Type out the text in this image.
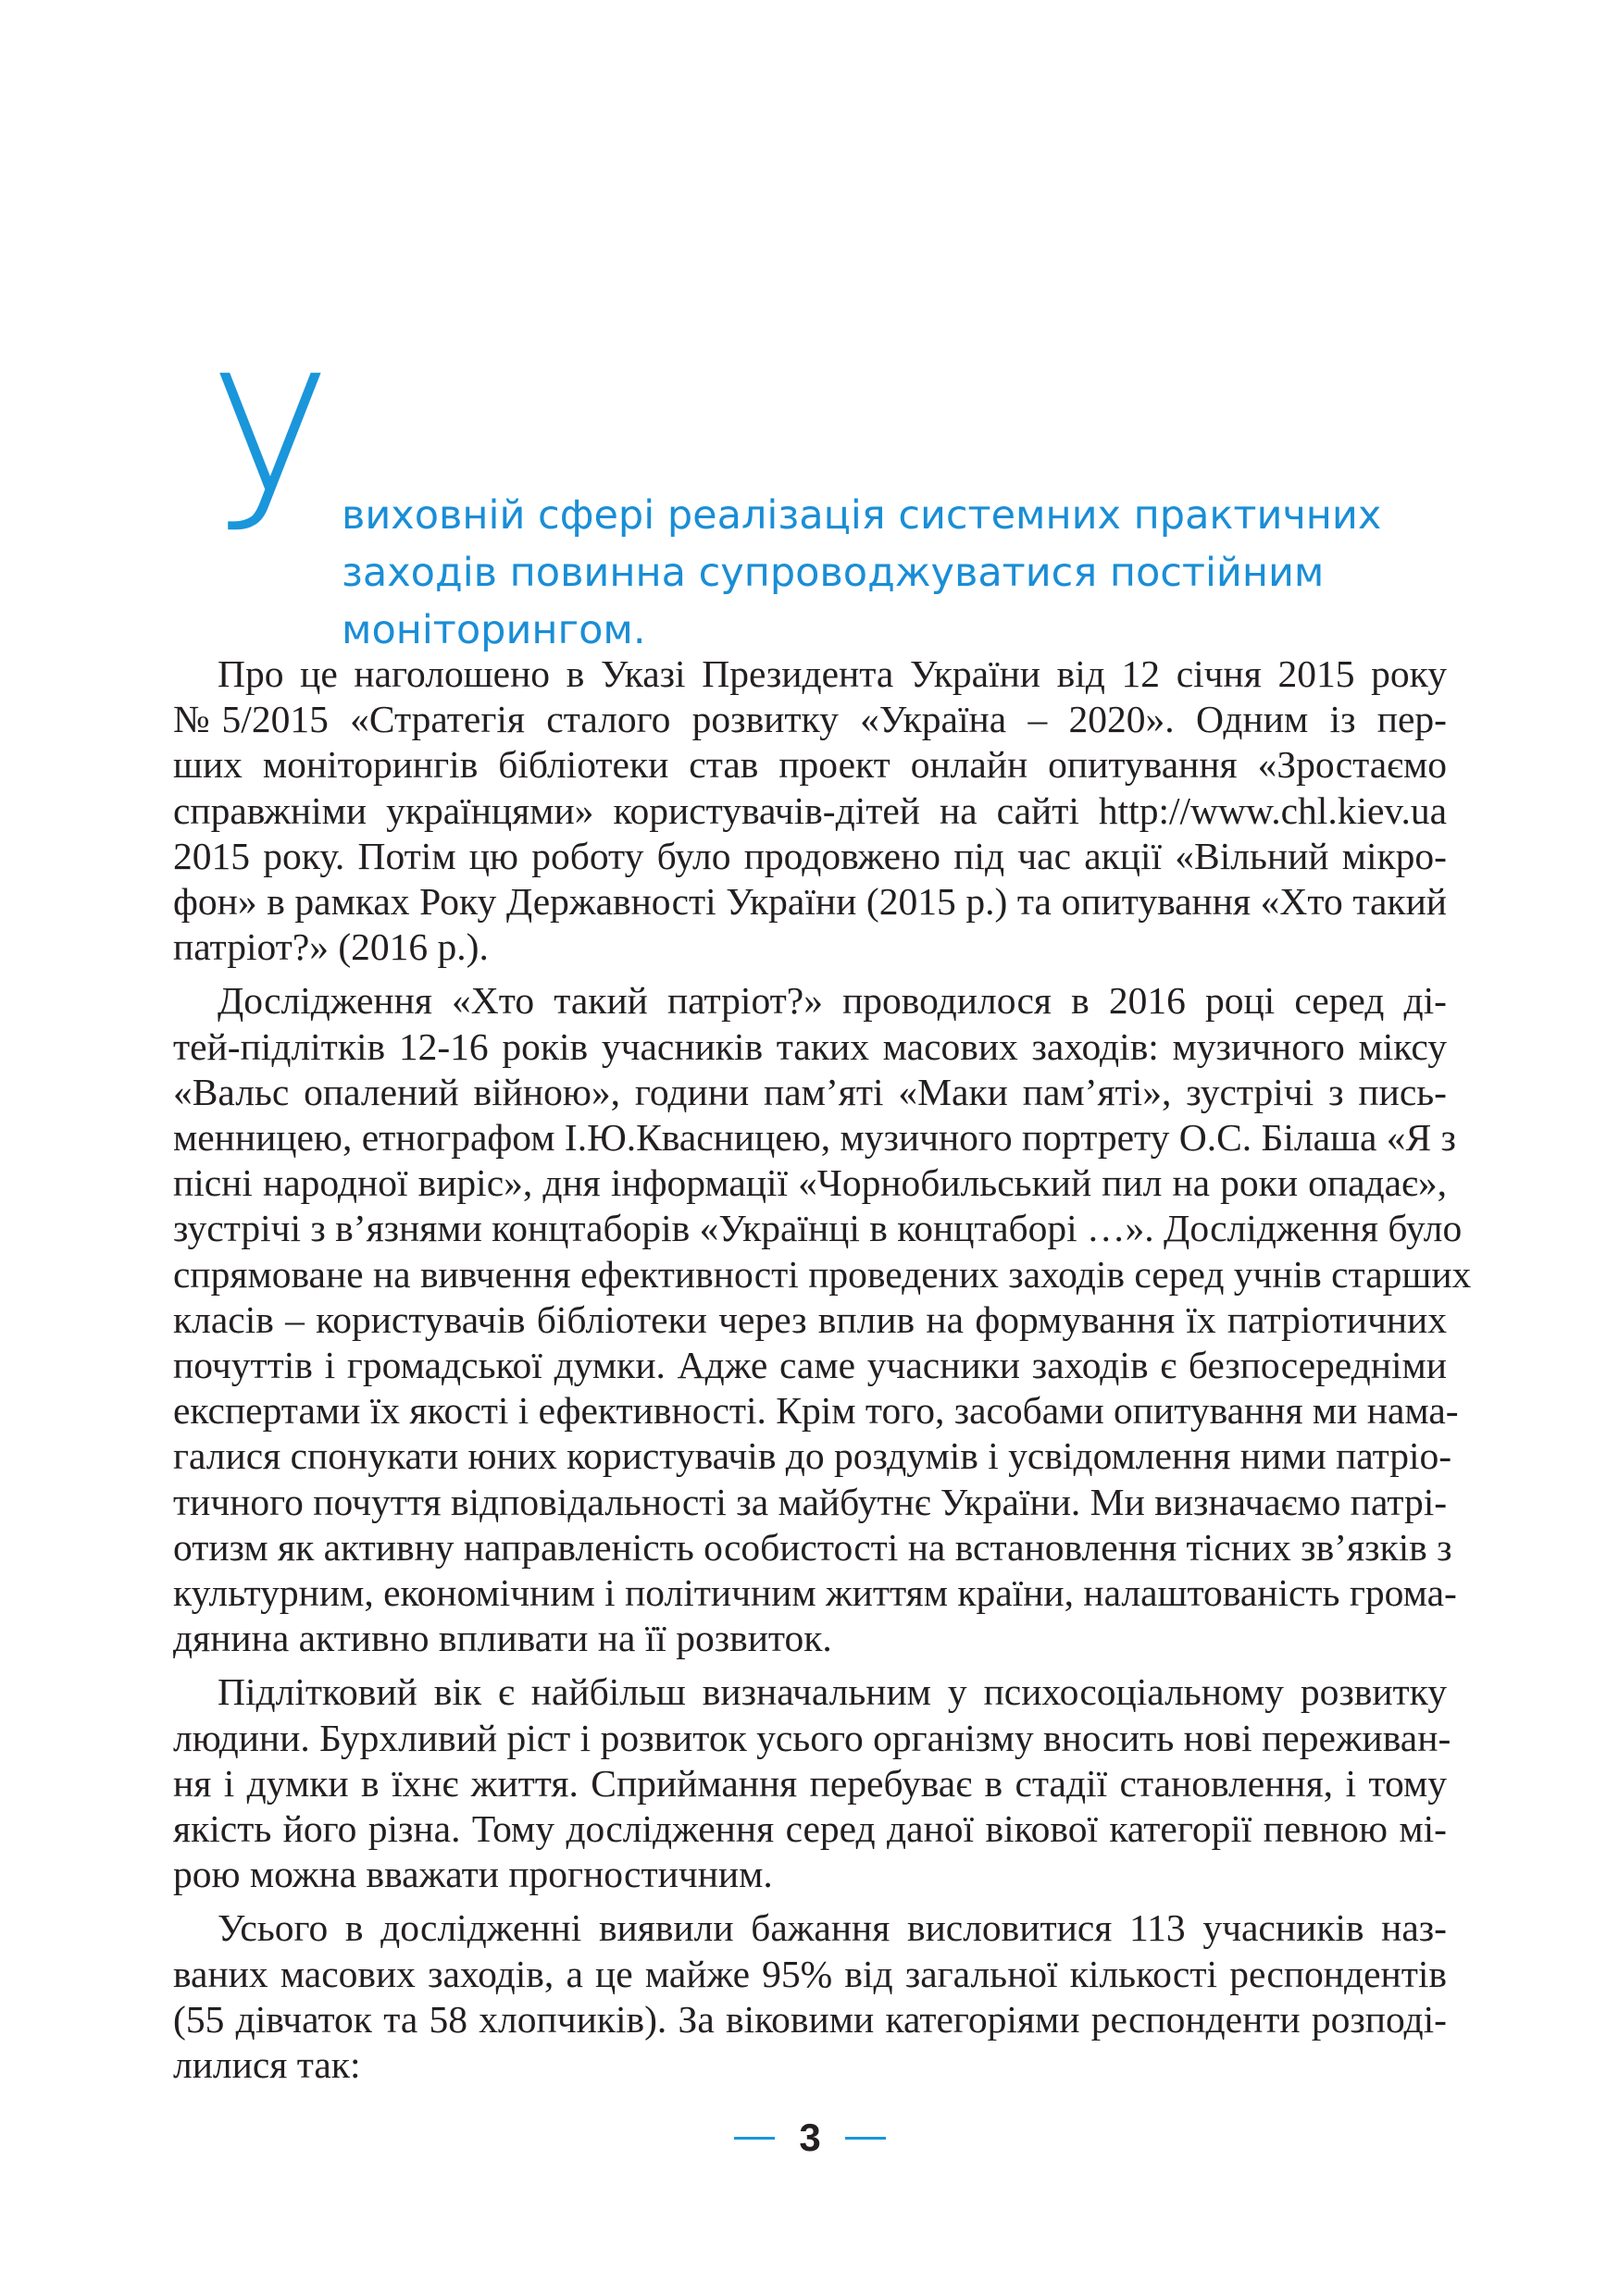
У виховній сфері реалізація системних практичних
заходів повинна супроводжуватися постійним
моніторингом.
Про це наголошено в Указі Президента України від 12 січня 2015 року
№5/2015 «Стратегія сталого розвитку «Україна – 2020». Одним із пер-
ших моніторингів бібліотеки став проект онлайн опитування «Зростаємо
справжніми українцями» користувачів-дітей на сайті http://www.chl.kiev.ua
2015 року. Потім цю роботу було продовжено під час акції «Вільний мікро-
фон» в рамках Року Державності України (2015 р.) та опитування «Хто такий
патріот?» (2016 р.).
Дослідження «Хто такий патріот?» проводилося в 2016 році серед ді-
тей-підлітків 12-16 років учасників таких масових заходів: музичного міксу
«Вальс опалений війною», години пам’яті «Маки пам’яті», зустрічі з пись-
менницею, етнографом І.Ю.Квасницею, музичного портрету О.С. Білаша «Я з
пісні народної виріс», дня інформації «Чорнобильський пил на роки опадає»,
зустрічі з в’язнями концтаборів «Українці в концтаборі …». Дослідження було
спрямоване на вивчення ефективності проведених заходів серед учнів старших
класів – користувачів бібліотеки через вплив на формування їх патріотичних
почуттів і громадської думки. Адже саме учасники заходів є безпосередніми
експертами їх якості і ефективності. Крім того, засобами опитування ми нама-
галися спонукати юних користувачів до роздумів і усвідомлення ними патріо-
тичного почуття відповідальності за майбутнє України. Ми визначаємо патрі-
отизм як активну направленість особистості на встановлення тісних зв’язків з
культурним, економічним і політичним життям країни, налаштованість грома-
дянина активно впливати на її розвиток.
Підлітковий вік є найбільш визначальним у психосоціальному розвитку
людини. Бурхливий ріст і розвиток усього організму вносить нові переживан-
ня і думки в їхнє життя. Сприймання перебуває в стадії становлення, і тому
якість його різна. Тому дослідження серед даної вікової категорії певною мі-
рою можна вважати прогностичним.
Усього в дослідженні виявили бажання висловитися 113 учасників наз-
ваних масових заходів, а це майже 95% від загальної кількості респондентів
(55 дівчаток та 58 хлопчиків). За віковими категоріями респонденти розподі-
лилися так:
3
